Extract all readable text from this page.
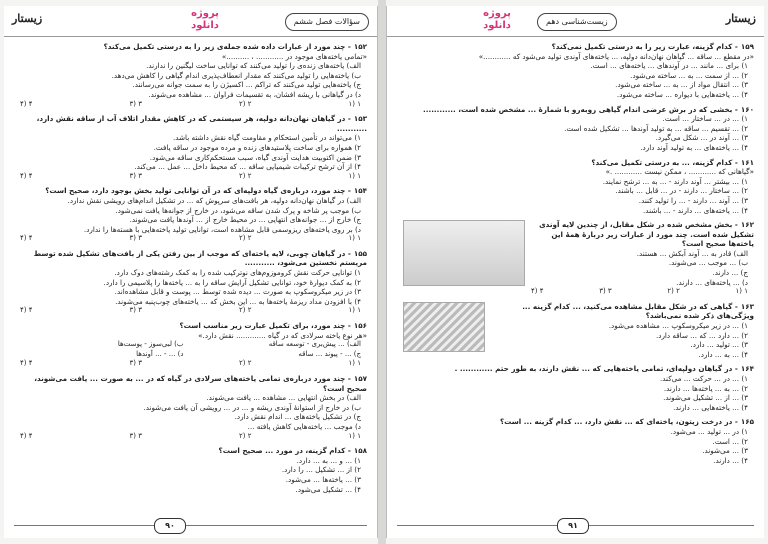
زیستار	پروژه دانلود	سؤالات فصل ششم
۱۵۲- چند مورد از عبارات داده شده جمله‌ی زیر را به درستی تکمیل می‌کند؟
«تمامی یاخته‌های موجود در ............ ، ..........»
الف) یاخته‌های زنده‌ی را تولید می‌کنند که توانایی ساخت لیگنین را ندارند.
ب) یاخته‌هایی را تولید می‌کنند که مقدار انعطاف‌پذیری اندام گیاهی را کاهش می‌دهد.
ج) یاخته‌هایی تولید می‌کنند که تراکم ... اکسیژن را به سمت جوانه می‌رسانند.
د) در گیاهانی با ریشه افشان، به تقسیمات فراوان ... مشاهده می‌شوند.
۱ (۱
۲ (۲
۳ (۳
۴ (۴
۱۵۳- در گیاهان نهان‌دانه دولپه، هر سیستمی که در کاهش مقدار اتلاف آب از ساقه نقش دارد، ...........
۱) می‌تواند در تأمین استحکام و مقاومت گیاه نقش داشته باشد.
۲) همواره برای ساخت پلاستیدهای زنده و مرده موجود در ساقه یافت.
۳) ضمن اکتوبیت هدایت آوندی گیاه، سبب مستحکم‌کاری ساقه می‌شود.
۴) از آن ترشح ترکیبات شیمیایی ساقه ... که محیط داخل ... عمل ... می‌کند.
۱ (۱
۲ (۲
۳ (۳
۴ (۴
۱۵۴- چند مورد، درباره‌ی گیاه دولپه‌ای که در آن توانایی تولید بخش بوجود دارد، صحیح است؟
الف) در گیاهان نهان‌دانه دولپه، هر بافت‌های سرپوش که ... در تشکیل اندام‌های رویشی نقش ندارد.
ب) موجب پر شاخه و پرک شدن ساقه می‌شود، در خارج از جوانه‌ها یافت نمی‌شود.
ج) خارج از ... جوانه‌های انتهایی ... در محیط خارج از ... آوندها یافت می‌شوند.
د) بر روی یاخته‌های ریزوسمی قابل مشاهده است، توانایی تولید یاخته‌هایی با هسته‌ها را ندارد.
۱ (۱
۲ (۲
۳ (۳
۴ (۴
۱۵۵- در گیاهان چوبی، لایه یاخته‌ای که موجب از بین رفتن یکی از بافت‌های تشکیل شده توسط مریستم نخستین می‌شود، ...........
۱) توانایی حرکت نقش کروموزوم‌های نوترکیب شده را به کمک رشته‌های دوک دارد.
۲) به کمک دیوارهٔ خود، توانایی تشکیل آرایش ساقه را به ... یاخته‌ها را پلاسیمی را دارد.
۳) در زیر میکروسکوپ به صورت ... دیده شده توسط ... پوست و قابل مشاهده‌اند.
۴) با افزودن مداد ریزمهٔ یاخته‌ها به ... این بخش که ... یاخته‌های چوب‌پنبه می‌شوند.
۱ (۱
۲ (۲
۳ (۳
۴ (۴
۱۵۶- چند مورد، برای تکمیل عبارت زیر مناسب است؟
«هر نوع یاخته سرلادی که در گیاه ............. نقش دارد.»
الف) ... پیش‌بری - توسعه ساقه
ب) لبی‌‌سوز - پوست‌ها
ج) ... - پیوند ... ساقه
د) ... - ... آوندها
۱ (۱
۲ (۲
۳ (۳
۴ (۴
۱۵۷- چند مورد درباره‌ی تمامی یاخته‌های سرلادی در گیاه که در ... به‌ صورت ... یافت می‌شوند، صحیح است؟
الف) در بخش انتهایی ... مشاهده ... یافت می‌شوند.
ب) در خارج از استوانهٔ آوندی ریشه و ... در ... رویشی آن یافت می‌شوند.
ج) در تشکیل یاخته‌های ... اندام نقش دارد.
د) موجب ... یاخته‌هایی کاهش یافته ...
۱ (۱
۲ (۲
۳ (۳
۴ (۴
۱۵۸- کدام گزینه، در مورد ... صحیح است؟
۱) ... و ... به ... دارد.
۲) از ... تشکیل ... را دارد.
۳) ... یاخته‌ها ... می‌شود.
۴) ... تشکیل می‌شود.
۹۰
زیستار
پروژه دانلود	زیست‌شناسی دهم
۱۵۹- کدام گزینه، عبارت زیر را به درستی تکمیل نمی‌کند؟
«در مقطع ... ساقه ... گیاهان نهان‌دانه دولپه، ... یاخته‌های آوندی تولید می‌شود که ............»
۱) برای ... مانند ... در آوندهای ... یاخته‌های ... است.
۲) ... از سمت ... به ... ساخته می‌شود.
۳) ... انتقال مواد از ... به ... ساخته می‌شود.
۴) ... یاخته‌هایی با دیواره ... ساخته می‌شود.
۱۶۰- بخشی که در برش عرضی اندام گیاهی روبه‌رو با شمارهٔ ... مشخص شده است، ............
۱) ... در ... ساختار ... است.
۲) ... تقسیم ... ساقه ... به تولید آوندها ... تشکیل شده است.
۳) ... آوند در ... شکل می‌گیرد.
۴) ... یاخته‌های ... به تولید آوند دارد.
۱۶۱- کدام گزینه، ... به درستی تکمیل می‌کند؟
«گیاهانی که ............ ، ممکن نیست ............ .»
۱) ... بیشتر ... آوند دارند - ... به ... ترشح نمایند.
۲) ... ساختار ... دارند - در ... قابل ... باشند.
۳) ... آوند ... دارند - ... را تولید کنند.
۴) ... یاخته‌های ... دارند - ... باشند.
۱۶۲- بخش مشخص شده در شکل مقابل، از چندین لایه آوندی تشکیل شده است. چند مورد از عبارات زیر دربارهٔ همهٔ این یاخته‌ها صحیح است؟
الف) قادر به ... آوند آبکش ... هستند.
ب) ... موجب ... می‌شوند.
ج) ... دارند.
د) ... یاخته‌های ... دارند.
۱ (۱
۲ (۲
۳ (۳
۴ (۴
۱۶۳- گیاهی که در شکل مقابل مشاهده می‌کنید، ... کدام گزینه ... ویژگی‌های ذکر شده نمی‌باشد؟
۱) ... در زیر میکروسکوپ ... مشاهده می‌شود.
۲) ... دارد ... که ... ساقه دارد.
۳) ... تولید ... دارد.
۴) ... به ... دارد.
۱۶۴- در گیاهان دولپه‌ای، تمامی یاخته‌هایی که ... نقش دارند، به طور حتم ............ .
۱) ... در ... حرکت ... می‌کند.
۲) ... به ... یاخته‌ها ... دارند.
۳) ... از ... تشکیل می‌شوند.
۴) ... یاخته‌هایی ... دارند.
۱۶۵- در درخت زیتون، یاخته‌ای که ... نقش دارد، ... کدام گزینه ... است؟
۱) در ... تولید ... می‌شود.
۲) ... است.
۳) ... می‌شوند.
۴) ... دارند.
۹۱
